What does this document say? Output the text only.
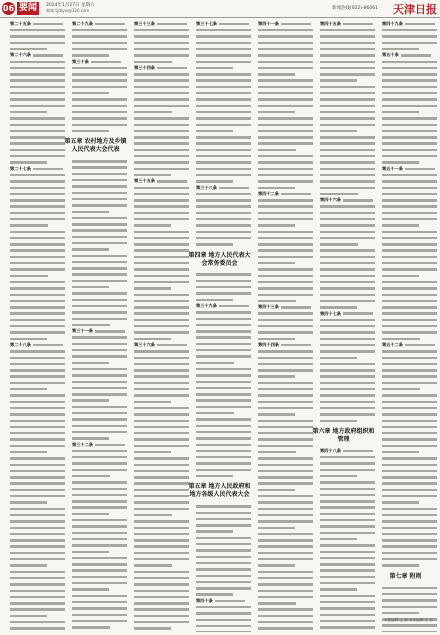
06 要闻	2024年1月27日 星期六
邮箱:tjrbyw@126.com	新闻热线(022)-96061 天津日报
第二十五条
第二十六条
第二十七条
第二十八条
第二十九条
第三十条
第五章 农村地方及乡镇人民代表大会代表
第三十一条
第三十二条
第三十三条
第三十四条
第三十五条
第三十六条
第三十七条
第三十八条
第四章 地方人民代表大会常务委员会
第三十九条
第五章 地方人民政府和地方各级人民代表大会
第四十条
第四十一条
第四十二条
第四十三条
第四十四条
第四十五条
第四十六条
第四十七条
第六章 地方政府组织和管理
第四十八条
第四十九条
第五十条
第五十一条
第五十二条
第七章 附则
本版编辑:王 燕 美术编辑:王 蕊
